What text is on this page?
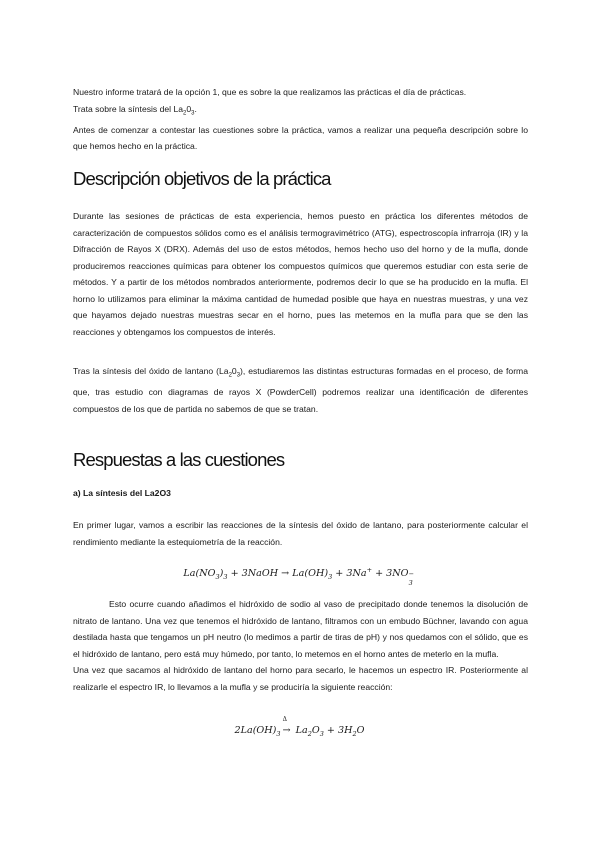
Nuestro informe tratará de la opción 1, que es sobre la que realizamos las prácticas el día de prácticas.

Trata sobre la síntesis del $La_20_3$.

Antes de comenzar a contestar las cuestiones sobre la práctica, vamos a realizar una pequeña descripción sobre lo que hemos hecho en la práctica.

Descripción objetivos de la práctica

Durante las sesiones de prácticas de esta experiencia, hemos puesto en práctica los diferentes métodos de caracterización de compuestos sólidos como es el análisis termogravimétrico (ATG), espectroscopía infrarroja (IR) y la Difracción de Rayos X (DRX). Además del uso de estos métodos, hemos hecho uso del horno y de la mufla, donde produciremos reacciones químicas para obtener los compuestos químicos que queremos estudiar con esta serie de métodos. Y a partir de los métodos nombrados anteriormente, podremos decir lo que se ha producido en la mufla. El horno lo utilizamos para eliminar la máxima cantidad de humedad posible que haya en nuestras muestras, y una vez que hayamos dejado nuestras muestras secar en el horno, pues las metemos en la mufla para que se den las reacciones y obtengamos los compuestos de interés.

Tras la síntesis del óxido de lantano $(La_20_3)$, estudiaremos las distintas estructuras formadas en el proceso, de forma que, tras estudio con diagramas de rayos X (PowderCell) podremos realizar una identificación de diferentes compuestos de los que de partida no sabemos de que se tratan.

Respuestas a las cuestiones
a) La síntesis del La2O3

En primer lugar, vamos a escribir las reacciones de la síntesis del óxido de lantano, para posteriormente calcular el rendimiento mediante la estequiometría de la reacción.

$La(NO_3)_3$ + 3NaOH → $La(OH)_3 + 3Na^+ + 3NO$ −
3

Esto ocurre cuando añadimos el hidróxido de sodio al vaso de precipitado donde tenemos la disolución de nitrato de lantano. Una vez que tenemos el hidróxido de lantano, filtramos con un embudo Büchner, lavando con agua destilada hasta que tengamos un pH neutro (lo medimos a partir de tiras de pH) y nos quedamos con el sólido, que es el hidróxido de lantano, pero está muy húmedo, por tanto, lo metemos en el horno antes de meterlo en la mufla.

Una vez que sacamos al hidróxido de lantano del horno para secarlo, le hacemos un espectro IR. Posteriormente al realizarle el espectro IR, lo llevamos a la mufla y se produciría la siguiente reacción:

$2La(OH)_3$
Δ
→ $La_2O_3 + 3H_2O$
